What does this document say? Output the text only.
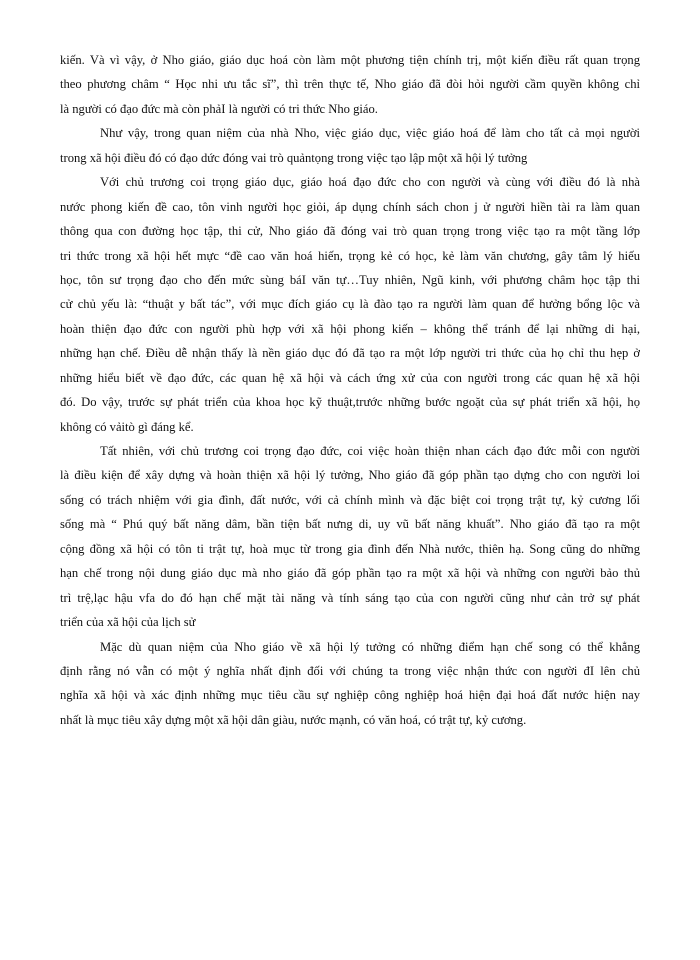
kiến. Và vì vậy, ở Nho giáo, giáo dục hoá còn làm một phương tiện chính trị, một kiến điều rất quan trọng
theo phương châm “ Học nhi ưu tắc sĩ”, thì trên thực tế, Nho giáo đã đòi hỏi người cầm quyền không chỉ
là người có đạo đức mà còn phảI là người có tri thức Nho giáo.
Như vậy, trong quan niệm của nhà Nho, việc giáo dục, việc giáo hoá để làm cho tất cả mọi người
trong xã hội điều đó có đạo dức đóng vai trò quảntọng trong việc tạo lập một xã hội lý tưởng
Với chủ trương coi trọng giáo dục, giáo hoá đạo đức cho con người và cùng với điều đó là nhà
nước phong kiến đề cao, tôn vinh người học giỏi, áp dụng chính sách chon j ử người hiền tài ra làm quan
thông qua con đường học tập, thi cử, Nho giáo đã đóng vai trò quan trọng trong việc tạo ra một tầng lớp
tri thức trong xã hội hết mực “đề cao văn hoá hiến, trọng kẻ có học, kẻ làm văn chương, gây tâm lý hiếu
học, tôn sư trọng đạo cho đến mức sùng báI văn tự…Tuy nhiên, Ngũ kinh, với phương châm học tập thi
cử chủ yếu là: “thuật y bất tác”, với mục đích giáo cụ là đào tạo ra người làm quan để hưởng bổng lộc và
hoàn thiện đạo đức con người phù hợp với xã hội phong kiến – không thể tránh để lại những di hại,
những hạn chế. Điều dễ nhận thấy là nền giáo dục đó đã tạo ra một lớp người tri thức của họ chỉ thu hẹp ở
những hiểu biết về đạo đức, các quan hệ xã hội và cách ứng xử của con người trong các quan hệ xã hội
đó. Do vậy, trước sự phát triển của khoa học kỹ thuật,trước những bước ngoặt của sự phát triển xã hội, họ
không có vảitò gì đáng kể.
Tất nhiên, với chủ trương coi trọng đạo đức, coi việc hoàn thiện nhan cách đạo đức mỗi con người
là điều kiện để xây dựng và hoàn thiện xã hội lý tưởng, Nho giáo đã góp phần tạo dựng cho con người loi
sống có trách nhiệm với gia đình, đất nước, với cả chính mình và đặc biệt coi trọng trật tự, kỷ cương lối
sống mà “ Phú quý bất năng dâm, bần tiện bất nưng di, uy vũ bất năng khuất”. Nho giáo đã tạo ra một
cộng đồng xã hội có tôn ti trật tự, hoà mục từ trong gia đình đến Nhà nước, thiên hạ. Song cũng do những
hạn chế trong nội dung giáo dục mà nho giáo đã góp phần tạo ra một xã hội và những con người bảo thủ
trì trệ,lạc hậu vfa do đó hạn chế mặt tài năng và tính sáng tạo của con người cũng như cản trở sự phát
triển của xã hội của lịch sử
Mặc dù quan niệm của Nho giáo về xã hội lý tưởng có những điểm hạn chế song có thể khẳng
định rằng nó vẫn có một ý nghĩa nhất định đối với chúng ta trong việc nhận thức con người đI lên chủ
nghĩa xã hội và xác định những mục tiêu cầu sự nghiệp công nghiệp hoá hiện đại hoá đất nước hiện nay
nhất là mục tiêu xây dựng một xã hội dân giàu, nước mạnh, có văn hoá, có trật tự, kỷ cương.
